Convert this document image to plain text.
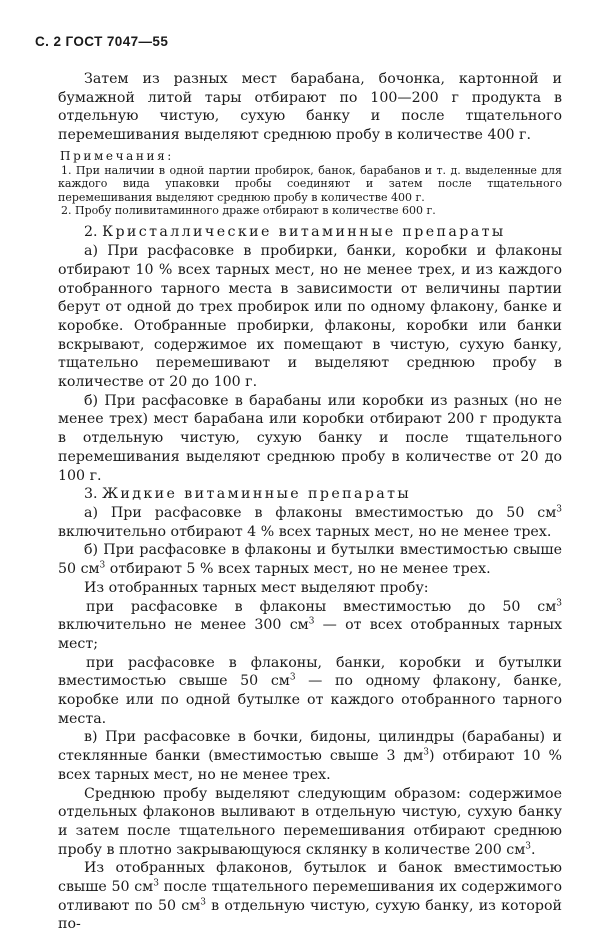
С. 2 ГОСТ 7047—55

Затем из разных мест барабана, бочонка, картонной и бумажной литой тары отбирают по 100—200 г продукта в отдельную чистую, сухую банку и после тщательного перемешивания выделяют среднюю пробу в количестве 400 г.

Примечания:

1. При наличии в одной партии пробирок, банок, барабанов и т. д. выделенные для каждого вида упаковки пробы соединяют и затем после тщательного перемешивания выделяют среднюю пробу в количестве 400 г.

2. Пробу поливитаминного драже отбирают в количестве 600 г.

2. Кристаллические витаминные препараты

а) При расфасовке в пробирки, банки, коробки и флаконы отбирают 10 % всех тарных мест, но не менее трех, и из каждого отобранного тарного места в зависимости от величины партии берут от одной до трех пробирок или по одному флакону, банке и коробке. Отобранные пробирки, флаконы, коробки или банки вскрывают, содержимое их помещают в чистую, сухую банку, тщательно перемешивают и выделяют среднюю пробу в количестве от 20 до 100 г.

б) При расфасовке в барабаны или коробки из разных (но не менее трех) мест барабана или коробки отбирают 200 г продукта в отдельную чистую, сухую банку и после тщательного перемешивания выделяют среднюю пробу в количестве от 20 до 100 г.

3. Жидкие витаминные препараты

а) При расфасовке в флаконы вместимостью до 50 $см^3$ включительно отбирают 4 % всех тарных мест, но не менее трех.

б) При расфасовке в флаконы и бутылки вместимостью свыше 50 $см^3$ отбирают 5 % всех тарных мест, но не менее трех.

Из отобранных тарных мест выделяют пробу:

при расфасовке в флаконы вместимостью до 50 $см^3$ включительно не менее 300 $см^3$ — от всех отобранных тарных мест;

при расфасовке в флаконы, банки, коробки и бутылки вместимостью свыше 50 $см^3$ — по одному флакону, банке, коробке или по одной бутылке от каждого отобранного тарного места.

в) При расфасовке в бочки, бидоны, цилиндры (барабаны) и стеклянные банки (вместимостью свыше 3 $дм^3$) отбирают 10 % всех тарных мест, но не менее трех.

Среднюю пробу выделяют следующим образом: содержимое отдельных флаконов выливают в отдельную чистую, сухую банку и затем после тщательного перемешивания отбирают среднюю пробу в плотно закрывающуюся склянку в количестве 200 $см^3$.

Из отобранных флаконов, бутылок и банок вместимостью свыше 50 $см^3$ после тщательного перемешивания их содержимого отливают по 50 $см^3$ в отдельную чистую, сухую банку, из которой по-
